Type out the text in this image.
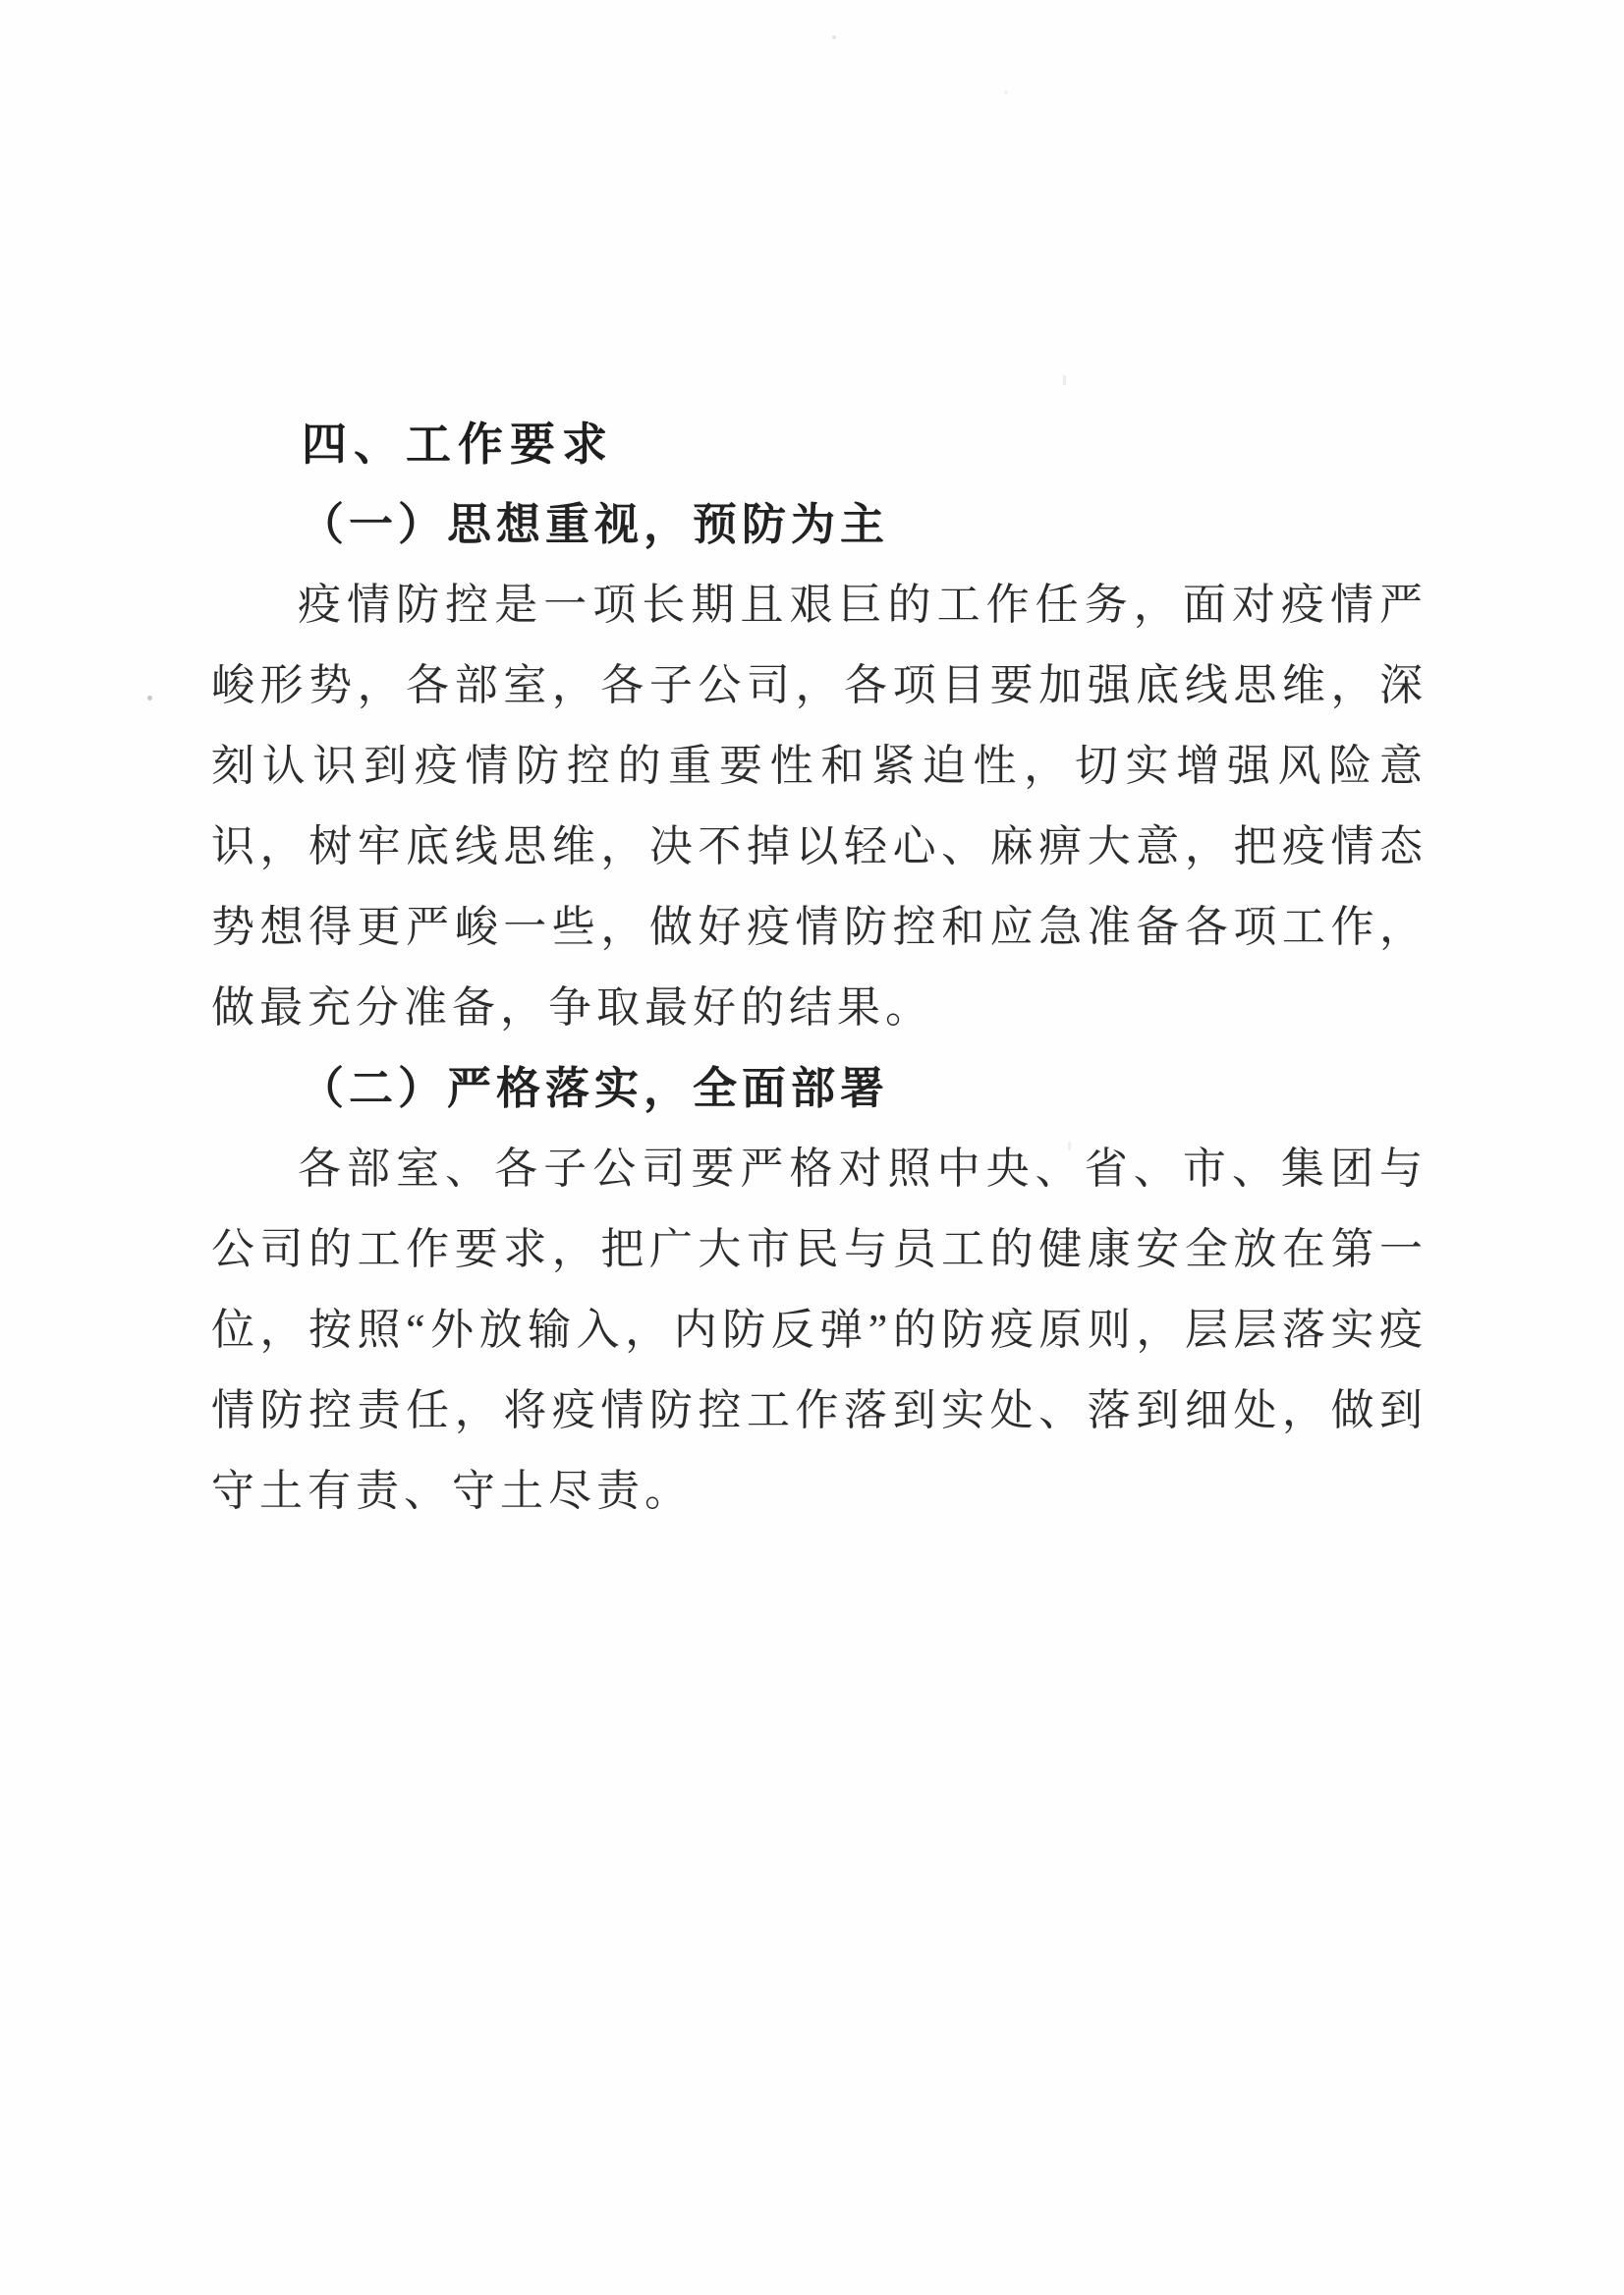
四、工作要求
（一）思想重视，预防为主

疫情防控是一项长期且艰巨的工作任务，面对疫情严峻形势，各部室，各子公司，各项目要加强底线思维，深刻认识到疫情防控的重要性和紧迫性，切实增强风险意识，树牢底线思维，决不掉以轻心、麻痹大意，把疫情态势想得更严峻一些，做好疫情防控和应急准备各项工作，做最充分准备，争取最好的结果。

（二）严格落实，全面部署

各部室、各子公司要严格对照中央、省、市、集团与公司的工作要求，把广大市民与员工的健康安全放在第一位，按照“外放输入，内防反弹”的防疫原则，层层落实疫情防控责任，将疫情防控工作落到实处、落到细处，做到守土有责、守土尽责。
